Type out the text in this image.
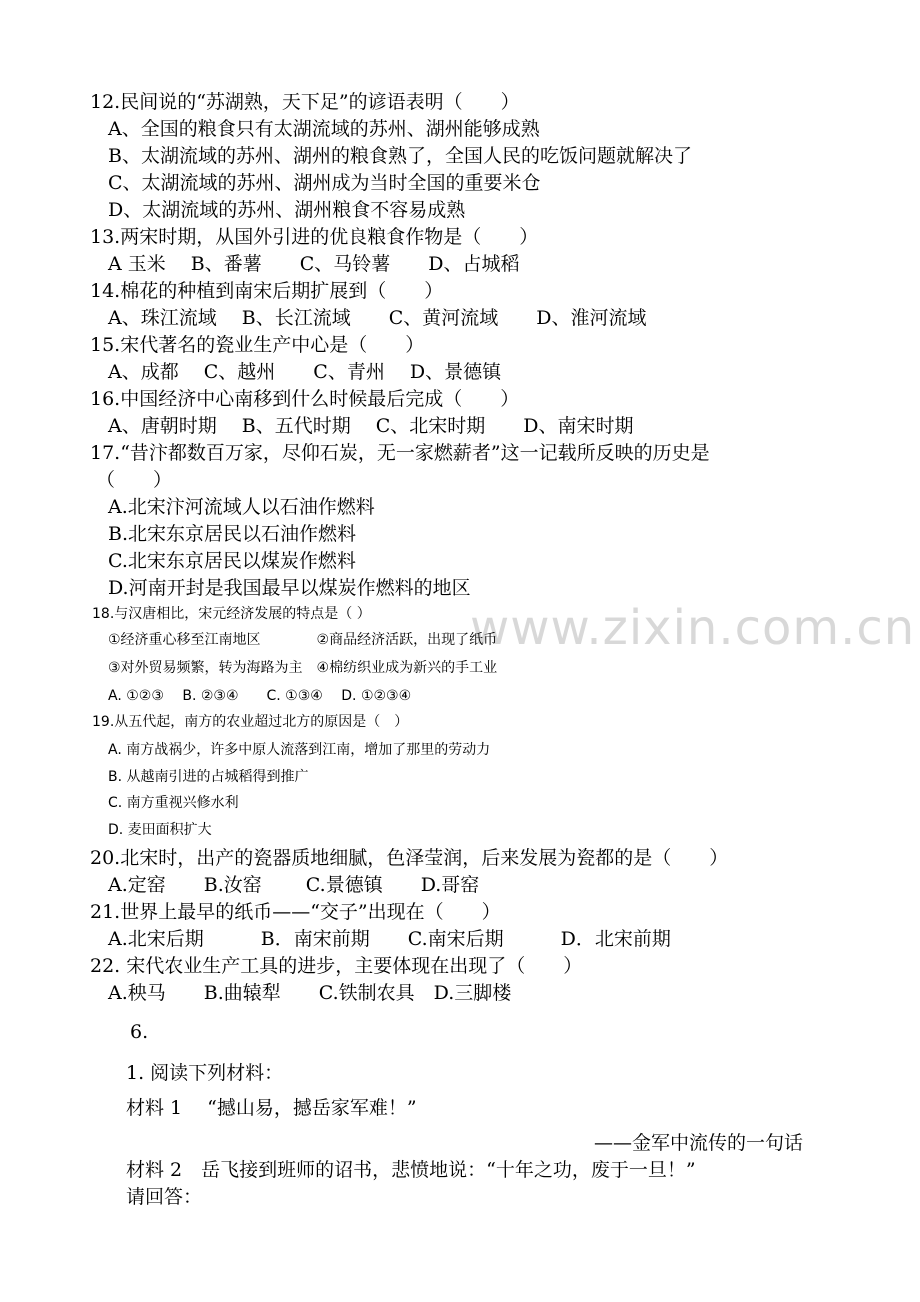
www.zixin.com.cn
12.民间说的“苏湖熟，天下足”的谚语表明（　　）
A、全国的粮食只有太湖流域的苏州、湖州能够成熟
B、太湖流域的苏州、湖州的粮食熟了，全国人民的吃饭问题就解决了
C、太湖流域的苏州、湖州成为当时全国的重要米仓
D、太湖流域的苏州、湖州粮食不容易成熟
13.两宋时期，从国外引进的优良粮食作物是（　　）
A 玉米　 B、番薯　　C、马铃薯　　D、占城稻
14.棉花的种植到南宋后期扩展到（　　）
A、珠江流域　 B、长江流域　　C、黄河流域　　D、淮河流域
15.宋代著名的瓷业生产中心是（　　）
A、成都　 C、越州　　C、青州　 D、景德镇
16.中国经济中心南移到什么时候最后完成（　　）
A、唐朝时期　 B、五代时期　 C、北宋时期　　D、南宋时期
17.“昔汴都数百万家，尽仰石炭，无一家燃薪者”这一记载所反映的历史是
（　　）
A.北宋汴河流域人以石油作燃料
B.北宋东京居民以石油作燃料
C.北宋东京居民以煤炭作燃料
D.河南开封是我国最早以煤炭作燃料的地区
18.与汉唐相比，宋元经济发展的特点是（ ）
①经济重心移至江南地区　　　　②商品经济活跃，出现了纸币
③对外贸易频繁，转为海路为主　④棉纺织业成为新兴的手工业
A. ①②③　 B. ②③④　　C. ①③④　 D. ①②③④
19.从五代起，南方的农业超过北方的原因是（　）
A. 南方战祸少，许多中原人流落到江南，增加了那里的劳动力
B. 从越南引进的占城稻得到推广
C. 南方重视兴修水利
D. 麦田面积扩大
20.北宋时，出产的瓷器质地细腻，色泽莹润，后来发展为瓷都的是（　　）
A.定窑　　B.汝窑　　 C.景德镇　　D.哥窑
21.世界上最早的纸币——“交子”出现在（　　）
A.北宋后期　　　B．南宋前期　　C.南宋后期　　　D．北宋前期
22. 宋代农业生产工具的进步，主要体现在出现了（　　）
A.秧马　　B.曲辕犁　　C.铁制农具　D.三脚楼
6.
1. 阅读下列材料：
材料 1　 “撼山易，撼岳家军难！”
——金军中流传的一句话
材料 2　岳飞接到班师的诏书，悲愤地说：“十年之功，废于一旦！”
请回答：
